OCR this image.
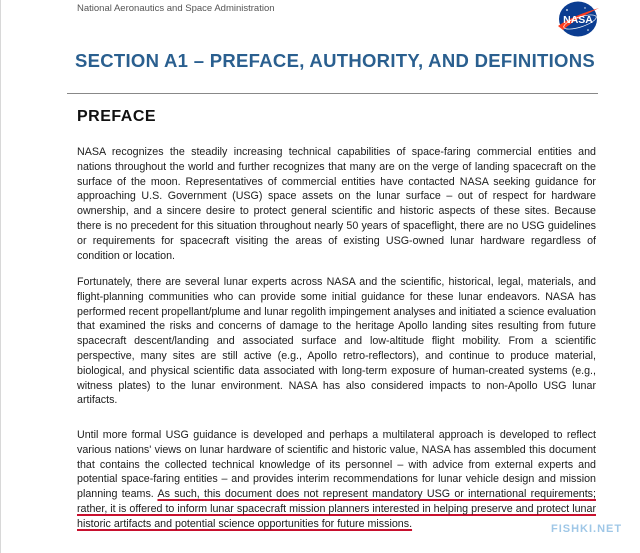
National Aeronautics and Space Administration
NASA
SECTION A1 – PREFACE, AUTHORITY, AND DEFINITIONS
PREFACE
NASA recognizes the steadily increasing technical capabilities of space-faring commercial entities and nations throughout the world and further recognizes that many are on the verge of landing spacecraft on the surface of the moon. Representatives of commercial entities have contacted NASA seeking guidance for approaching U.S. Government (USG) space assets on the lunar surface – out of respect for hardware ownership, and a sincere desire to protect general scientific and historic aspects of these sites. Because there is no precedent for this situation throughout nearly 50 years of spaceflight, there are no USG guidelines or requirements for spacecraft visiting the areas of existing USG-owned lunar hardware regardless of condition or location.
Fortunately, there are several lunar experts across NASA and the scientific, historical, legal, materials, and flight-planning communities who can provide some initial guidance for these lunar endeavors. NASA has performed recent propellant/plume and lunar regolith impingement analyses and initiated a science evaluation that examined the risks and concerns of damage to the heritage Apollo landing sites resulting from future spacecraft descent/landing and associated surface and low-altitude flight mobility. From a scientific perspective, many sites are still active (e.g., Apollo retro-reflectors), and continue to produce material, biological, and physical scientific data associated with long-term exposure of human-created systems (e.g., witness plates) to the lunar environment. NASA has also considered impacts to non-Apollo USG lunar artifacts.
Until more formal USG guidance is developed and perhaps a multilateral approach is developed to reflect various nations' views on lunar hardware of scientific and historic value, NASA has assembled this document that contains the collected technical knowledge of its personnel – with advice from external experts and potential space-faring entities – and provides interim recommendations for lunar vehicle design and mission planning teams. As such, this document does not represent mandatory USG or international requirements; rather, it is offered to inform lunar spacecraft mission planners interested in helping preserve and protect lunar historic artifacts and potential science opportunities for future missions.	FISHKI.NET
